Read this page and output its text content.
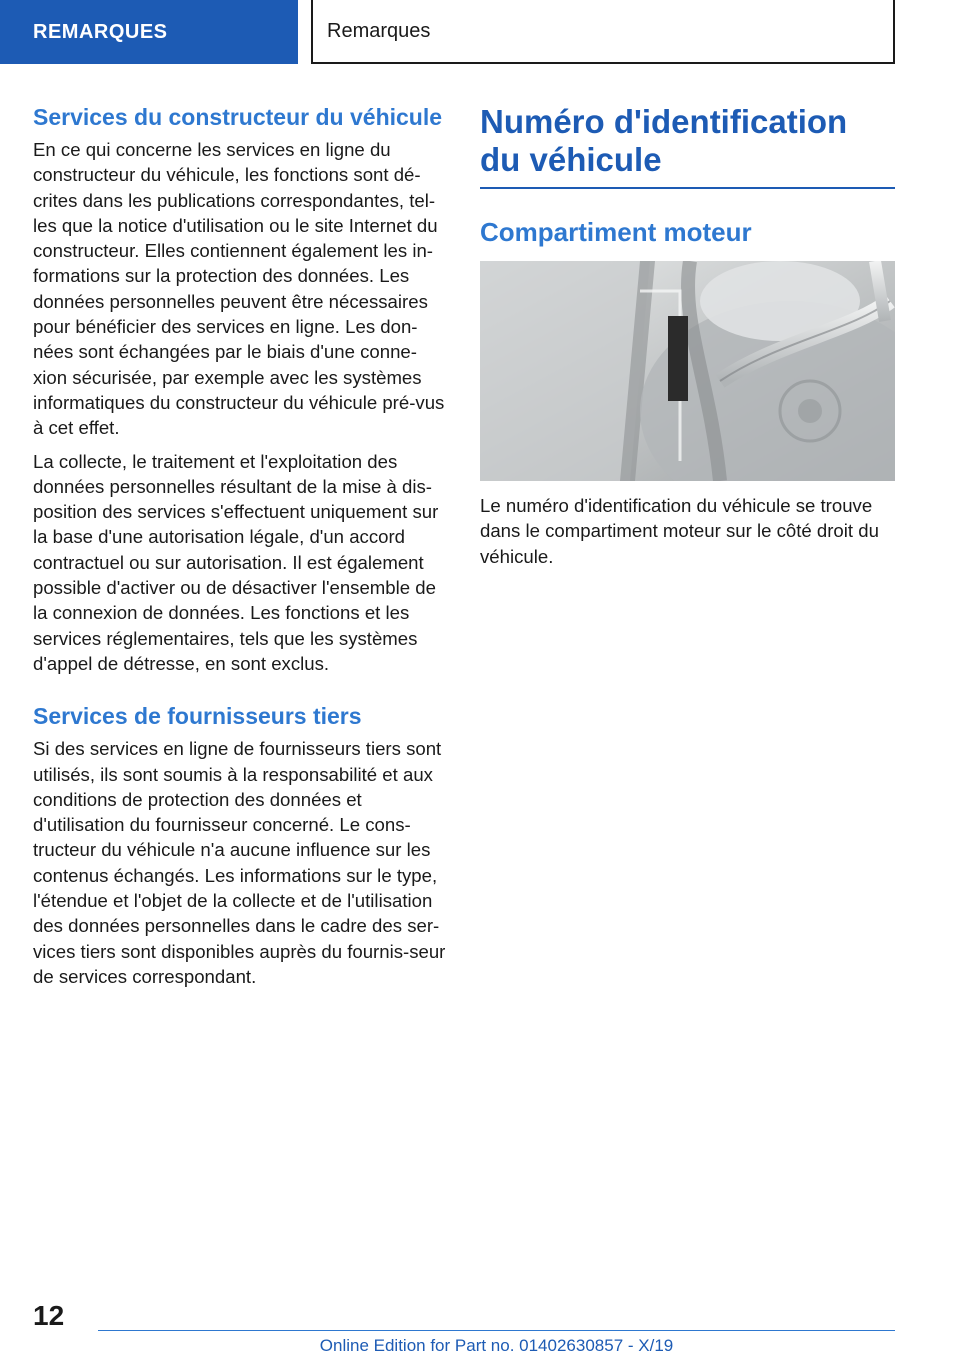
REMARQUES	Remarques
Services du constructeur du véhicule

En ce qui concerne les services en ligne du constructeur du véhicule, les fonctions sont dé-crites dans les publications correspondantes, tel-les que la notice d'utilisation ou le site Internet du constructeur. Elles contiennent également les in-formations sur la protection des données. Les données personnelles peuvent être nécessaires pour bénéficier des services en ligne. Les don-nées sont échangées par le biais d'une conne-xion sécurisée, par exemple avec les systèmes informatiques du constructeur du véhicule pré-vus à cet effet.

La collecte, le traitement et l'exploitation des données personnelles résultant de la mise à dis-position des services s'effectuent uniquement sur la base d'une autorisation légale, d'un accord contractuel ou sur autorisation. Il est également possible d'activer ou de désactiver l'ensemble de la connexion de données. Les fonctions et les services réglementaires, tels que les systèmes d'appel de détresse, en sont exclus.

Services de fournisseurs tiers

Si des services en ligne de fournisseurs tiers sont utilisés, ils sont soumis à la responsabilité et aux conditions de protection des données et d'utilisation du fournisseur concerné. Le cons-tructeur du véhicule n'a aucune influence sur les contenus échangés. Les informations sur le type, l'étendue et l'objet de la collecte et de l'utilisation des données personnelles dans le cadre des ser-vices tiers sont disponibles auprès du fournis-seur de services correspondant.

Numéro d'identification du véhicule
Compartiment moteur

Le numéro d'identification du véhicule se trouve dans le compartiment moteur sur le côté droit du véhicule.

12
Online Edition for Part no. 01402630857 - X/19
